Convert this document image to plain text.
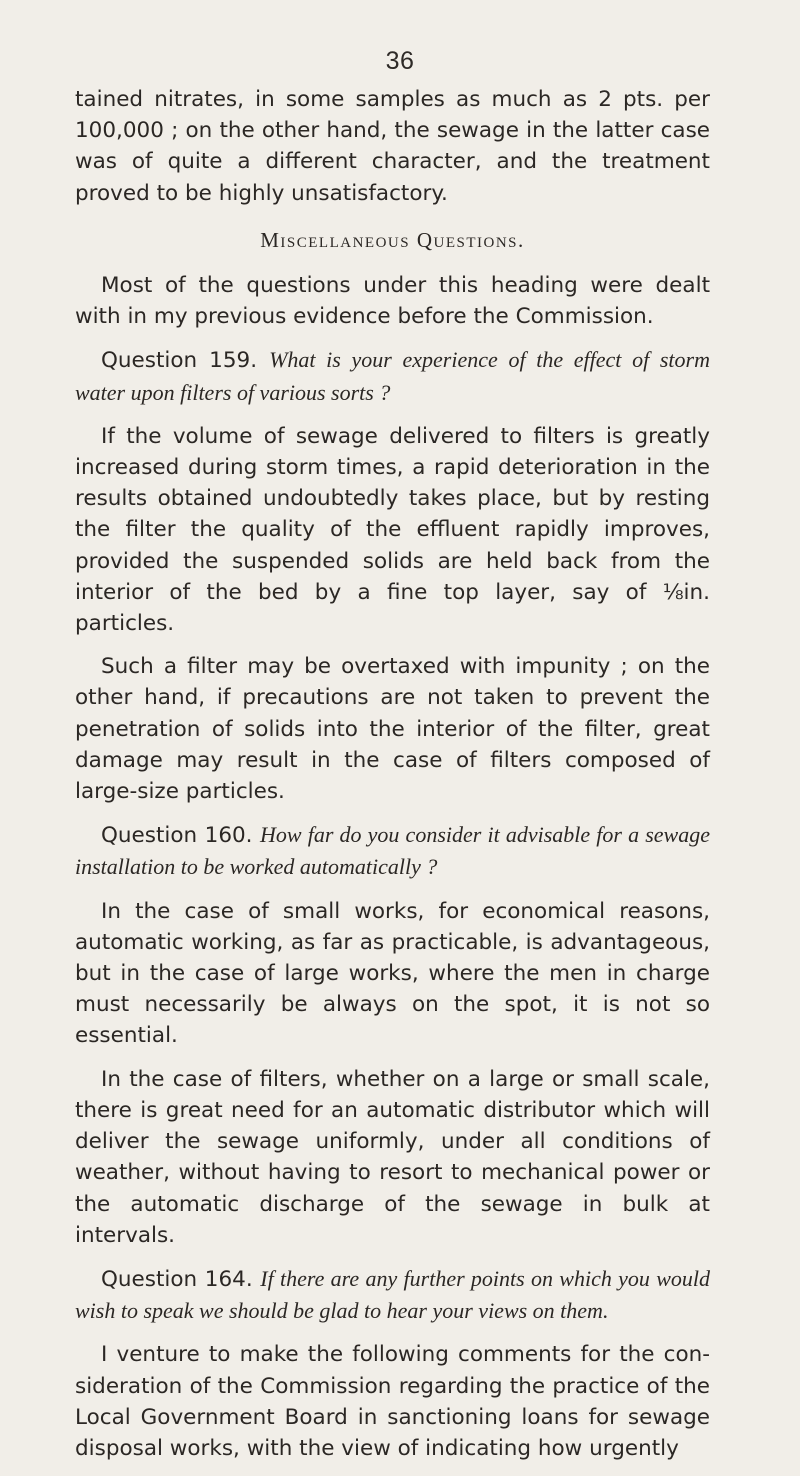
36

tained nitrates, in some samples as much as 2 pts. per 100,000 ; on the other hand, the sewage in the latter case was of quite a different character, and the treatment proved to be highly unsatisfactory.

Miscellaneous Questions.

Most of the questions under this heading were dealt with in my previous evidence before the Commission.

Question 159. What is your experience of the effect of storm water upon filters of various sorts ?

If the volume of sewage delivered to filters is greatly increased during storm times, a rapid deterioration in the results obtained undoubtedly takes place, but by resting the filter the quality of the effluent rapidly improves, provided the suspended solids are held back from the interior of the bed by a fine top layer, say of ⅛in. particles.

Such a filter may be overtaxed with impunity ; on the other hand, if precautions are not taken to prevent the penetration of solids into the interior of the filter, great damage may result in the case of filters composed of large-size particles.

Question 160. How far do you consider it advisable for a sewage installation to be worked automatically ?

In the case of small works, for economical reasons, automatic working, as far as practicable, is advantageous, but in the case of large works, where the men in charge must necessarily be always on the spot, it is not so essential.

In the case of filters, whether on a large or small scale, there is great need for an automatic distributor which will deliver the sewage uniformly, under all conditions of weather, without having to resort to mechanical power or the automatic discharge of the sewage in bulk at intervals.

Question 164. If there are any further points on which you would wish to speak we should be glad to hear your views on them.

I venture to make the following comments for the consideration of the Commission regarding the practice of the Local Government Board in sanctioning loans for sewage disposal works, with the view of indicating how urgently
